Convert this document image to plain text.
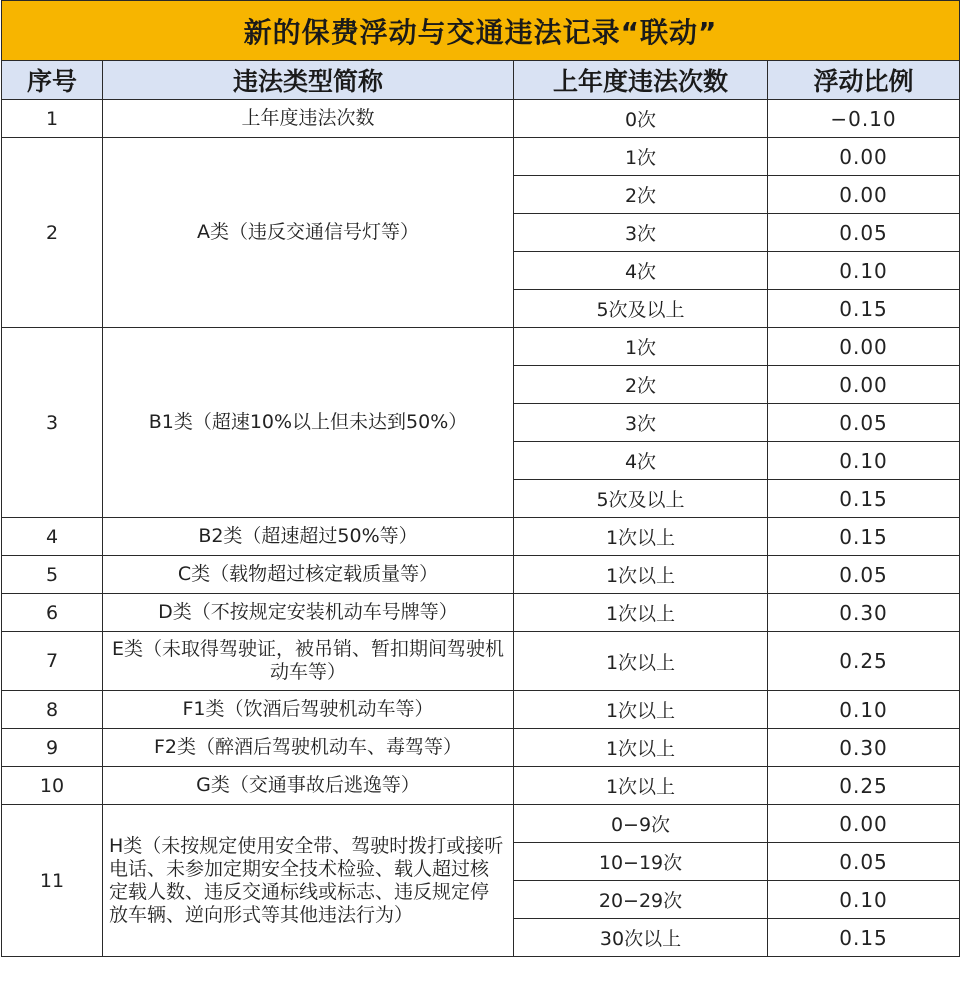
新的保费浮动与交通违法记录“联动”			
序号	违法类型简称	上年度违法次数	浮动比例
1	上年度违法次数	0次	−0.10
2	A类（违反交通信号灯等）	1次	0.00
		2次	0.00
		3次	0.05
		4次	0.10
		5次及以上	0.15
3	B1类（超速10%以上但未达到50%）	1次	0.00
		2次	0.00
		3次	0.05
		4次	0.10
		5次及以上	0.15
4	B2类（超速超过50%等）	1次以上	0.15
5	C类（载物超过核定载质量等）	1次以上	0.05
6	D类（不按规定安装机动车号牌等）	1次以上	0.30
7	E类（未取得驾驶证，被吊销、暂扣期间驾驶机动车等）	1次以上	0.25
8	F1类（饮酒后驾驶机动车等）	1次以上	0.10
9	F2类（醉酒后驾驶机动车、毒驾等）	1次以上	0.30
10	G类（交通事故后逃逸等）	1次以上	0.25
11	H类（未按规定使用安全带、驾驶时拨打或接听电话、未参加定期安全技术检验、载人超过核定载人数、违反交通标线或标志、违反规定停放车辆、逆向形式等其他违法行为）	0−9次	0.00
		10−19次	0.05
		20−29次	0.10
		30次以上	0.15
